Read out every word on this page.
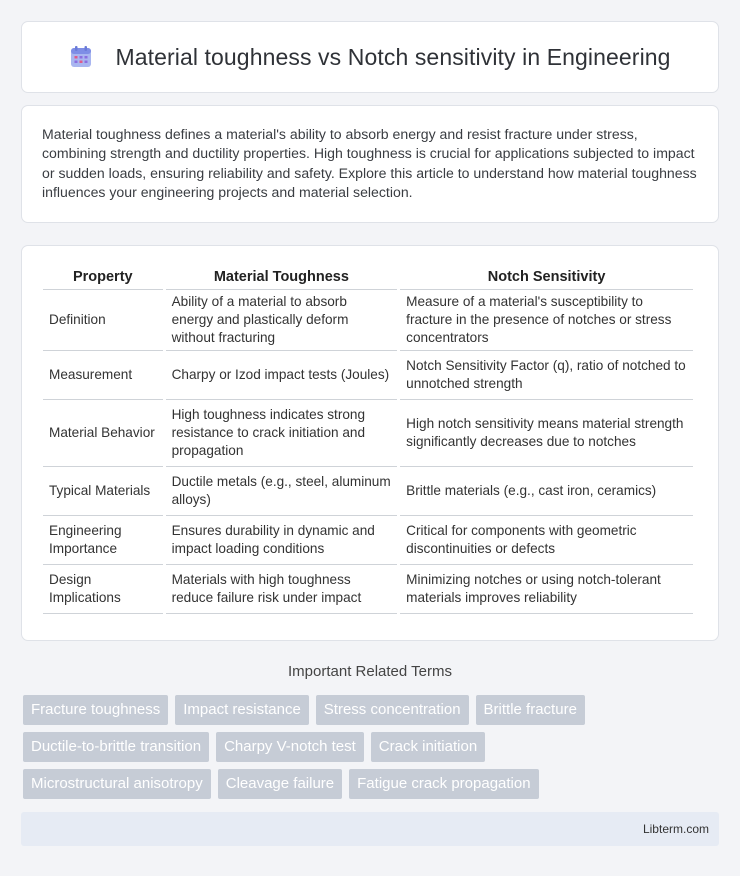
Material toughness vs Notch sensitivity in Engineering

Material toughness defines a material's ability to absorb energy and resist fracture under stress, combining strength and ductility properties. High toughness is crucial for applications subjected to impact or sudden loads, ensuring reliability and safety. Explore this article to understand how material toughness influences your engineering projects and material selection.

Property	Material Toughness	Notch Sensitivity
Definition	Ability of a material to absorb energy and plastically deform without fracturing	Measure of a material's susceptibility to fracture in the presence of notches or stress concentrators
Measurement	Charpy or Izod impact tests (Joules)	Notch Sensitivity Factor (q), ratio of notched to unnotched strength
Material Behavior	High toughness indicates strong resistance to crack initiation and propagation	High notch sensitivity means material strength significantly decreases due to notches
Typical Materials	Ductile metals (e.g., steel, aluminum alloys)	Brittle materials (e.g., cast iron, ceramics)
Engineering Importance	Ensures durability in dynamic and impact loading conditions	Critical for components with geometric discontinuities or defects
Design Implications	Materials with high toughness reduce failure risk under impact	Minimizing notches or using notch-tolerant materials improves reliability
Important Related Terms
Fracture toughness	Impact resistance	Stress concentration	Brittle fracture
Ductile-to-brittle transition	Charpy V-notch test	Crack initiation
Microstructural anisotropy	Cleavage failure	Fatigue crack propagation
Libterm.com
